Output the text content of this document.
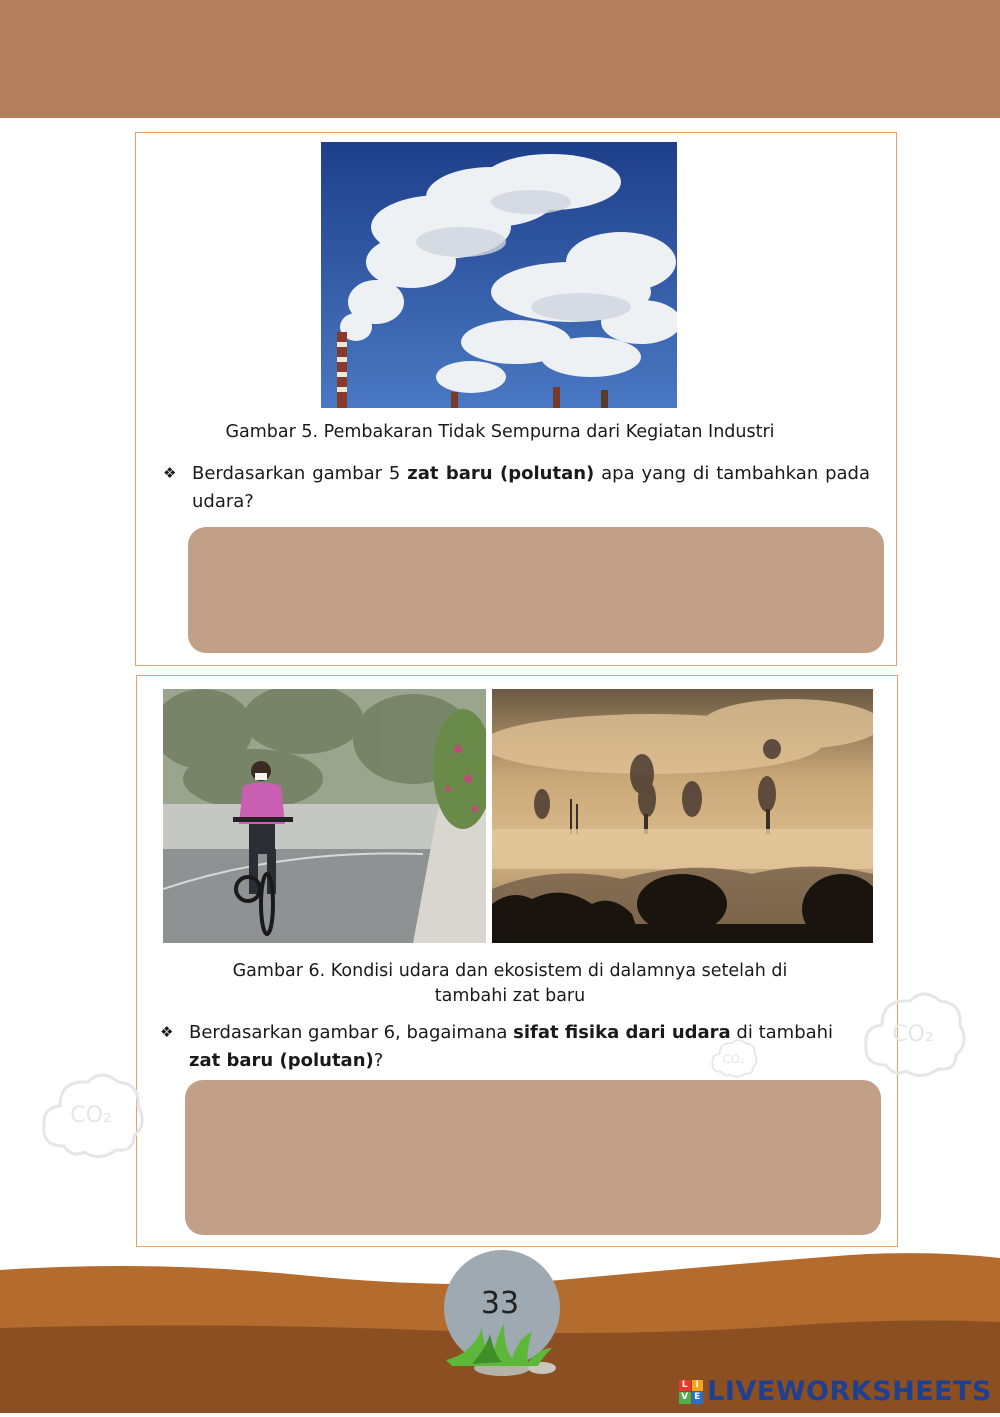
Gambar 5. Pembakaran Tidak Sempurna dari Kegiatan Industri
❖ Berdasarkan gambar 5 zat baru (polutan) apa yang di tambahkan pada udara?
Gambar 6. Kondisi udara dan ekosistem di dalamnya setelah di
tambahi zat baru
❖ Berdasarkan gambar 6, bagaimana sifat fisika dari udara di tambahi
zat baru (polutan)?
CO₂
CO₂
CO₂
33
L I
V E LIVEWORKSHEETS
